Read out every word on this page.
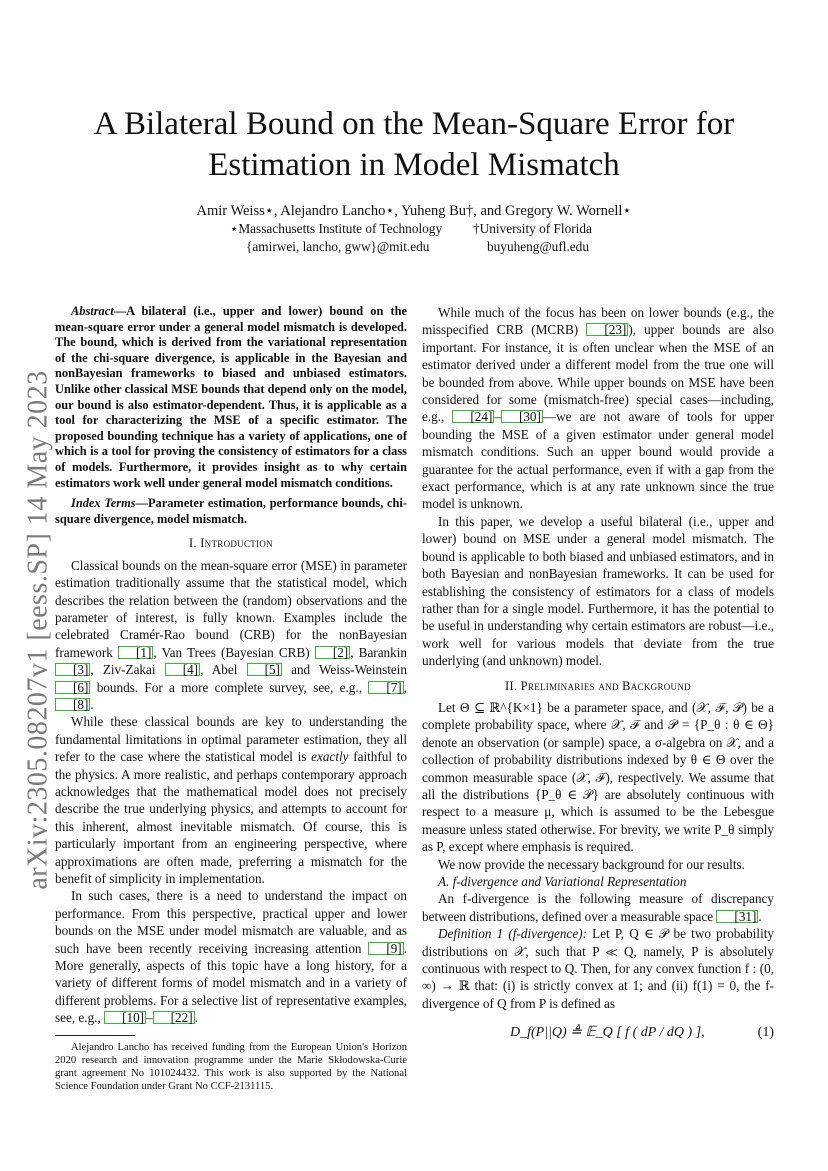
arXiv:2305.08207v1 [eess.SP] 14 May 2023
A Bilateral Bound on the Mean-Square Error for
Estimation in Model Mismatch
Amir Weiss⋆, Alejandro Lancho⋆, Yuheng Bu†, and Gregory W. Wornell⋆
⋆Massachusetts Institute of Technology †University of Florida
{amirwei, lancho, gww}@mit.edu	buyuheng@ufl.edu

Abstract—A bilateral (i.e., upper and lower) bound on the mean-square error under a general model mismatch is developed. The bound, which is derived from the variational representation of the chi-square divergence, is applicable in the Bayesian and nonBayesian frameworks to biased and unbiased estimators. Unlike other classical MSE bounds that depend only on the model, our bound is also estimator-dependent. Thus, it is applicable as a tool for characterizing the MSE of a specific estimator. The proposed bounding technique has a variety of applications, one of which is a tool for proving the consistency of estimators for a class of models. Furthermore, it provides insight as to why certain estimators work well under general model mismatch conditions.

Index Terms—Parameter estimation, performance bounds, chi-square divergence, model mismatch.

I. Introduction

Classical bounds on the mean-square error (MSE) in parameter estimation traditionally assume that the statistical model, which describes the relation between the (random) observations and the parameter of interest, is fully known. Examples include the celebrated Cramér-Rao bound (CRB) for the nonBayesian framework [1] , Van Trees (Bayesian CRB) [2] , Barankin [3] , Ziv-Zakai [4] , Abel [5] and Weiss-Weinstein [6] bounds. For a more complete survey, see, e.g., [7] , [8] .

While these classical bounds are key to understanding the fundamental limitations in optimal parameter estimation, they all refer to the case where the statistical model is exactly faithful to the physics. A more realistic, and perhaps contemporary approach acknowledges that the mathematical model does not precisely describe the true underlying physics, and attempts to account for this inherent, almost inevitable mismatch. Of course, this is particularly important from an engineering perspective, where approximations are often made, preferring a mismatch for the benefit of simplicity in implementation.

In such cases, there is a need to understand the impact on performance. From this perspective, practical upper and lower bounds on the MSE under model mismatch are valuable, and as such have been recently receiving increasing attention [9] . More generally, aspects of this topic have a long history, for a variety of different forms of model mismatch and in a variety of different problems. For a selective list of representative examples, see, e.g., [10] – [22] .

Alejandro Lancho has received funding from the European Union's Horizon 2020 research and innovation programme under the Marie Skłodowska-Curie grant agreement No 101024432. This work is also supported by the National Science Foundation under Grant No CCF-2131115.

While much of the focus has been on lower bounds (e.g., the misspecified CRB (MCRB) [23] ), upper bounds are also important. For instance, it is often unclear when the MSE of an estimator derived under a different model from the true one will be bounded from above. While upper bounds on MSE have been considered for some (mismatch-free) special cases—including, e.g., [24] – [30] —we are not aware of tools for upper bounding the MSE of a given estimator under general model mismatch conditions. Such an upper bound would provide a guarantee for the actual performance, even if with a gap from the exact performance, which is at any rate unknown since the true model is unknown.

In this paper, we develop a useful bilateral (i.e., upper and lower) bound on MSE under a general model mismatch. The bound is applicable to both biased and unbiased estimators, and in both Bayesian and nonBayesian frameworks. It can be used for establishing the consistency of estimators for a class of models rather than for a single model. Furthermore, it has the potential to be useful in understanding why certain estimators are robust—i.e., work well for various models that deviate from the true underlying (and unknown) model.

II. Preliminaries and Background

Let Θ ⊆ ℝ^{K×1} be a parameter space, and (𝒳, ℱ, 𝒫) be a complete probability space, where 𝒳, ℱ and 𝒫 = {P_θ : θ ∈ Θ} denote an observation (or sample) space, a σ-algebra on 𝒳, and a collection of probability distributions indexed by θ ∈ Θ over the common measurable space (𝒳, ℱ), respectively. We assume that all the distributions {P_θ ∈ 𝒫} are absolutely continuous with respect to a measure μ, which is assumed to be the Lebesgue measure unless stated otherwise. For brevity, we write P_θ simply as P, except where emphasis is required.

We now provide the necessary background for our results.

A. f-divergence and Variational Representation

An f-divergence is the following measure of discrepancy between distributions, defined over a measurable space [31] .

Definition 1 (f-divergence): Let P, Q ∈ 𝒫 be two probability distributions on 𝒳, such that P ≪ Q, namely, P is absolutely continuous with respect to Q. Then, for any convex function f : (0, ∞) → ℝ that: (i) is strictly convex at 1; and (ii) f(1) = 0, the f-divergence of Q from P is defined as

D_f(P||Q) ≜ 𝔼_Q [ f ( dP / dQ ) ],	(1)
